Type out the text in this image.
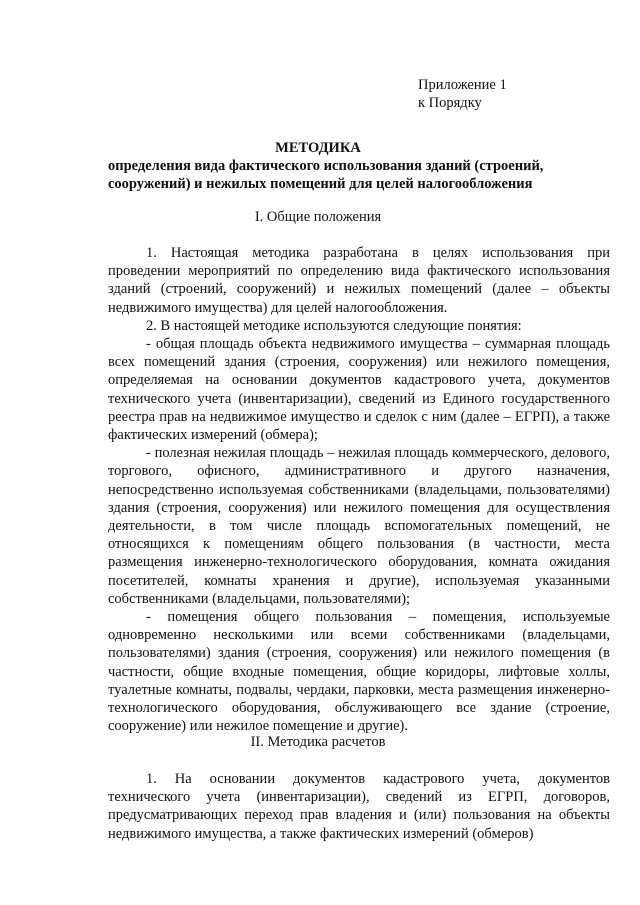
Приложение 1
к Порядку
МЕТОДИКА
определения вида фактического использования зданий (строений,
сооружений) и нежилых помещений для целей налогообложения
I. Общие положения

1. Настоящая методика разработана в целях использования при проведении мероприятий по определению вида фактического использования зданий (строений, сооружений) и нежилых помещений (далее – объекты недвижимого имущества) для целей налогообложения.

2. В настоящей методике используются следующие понятия:

- общая площадь объекта недвижимого имущества – суммарная площадь всех помещений здания (строения, сооружения) или нежилого помещения, определяемая на основании документов кадастрового учета, документов технического учета (инвентаризации), сведений из Единого государственного реестра прав на недвижимое имущество и сделок с ним (далее – ЕГРП), а также фактических измерений (обмера);

- полезная нежилая площадь – нежилая площадь коммерческого, делового, торгового, офисного, административного и другого назначения, непосредственно используемая собственниками (владельцами, пользователями) здания (строения, сооружения) или нежилого помещения для осуществления деятельности, в том числе площадь вспомогательных помещений, не относящихся к помещениям общего пользования (в частности, места размещения инженерно-технологического оборудования, комната ожидания посетителей, комнаты хранения и другие), используемая указанными собственниками (владельцами, пользователями);

- помещения общего пользования – помещения, используемые одновременно несколькими или всеми собственниками (владельцами, пользователями) здания (строения, сооружения) или нежилого помещения (в частности, общие входные помещения, общие коридоры, лифтовые холлы, туалетные комнаты, подвалы, чердаки, парковки, места размещения инженерно-технологического оборудования, обслуживающего все здание (строение, сооружение) или нежилое помещение и другие).

II. Методика расчетов

1. На основании документов кадастрового учета, документов технического учета (инвентаризации), сведений из ЕГРП, договоров, предусматривающих переход прав владения и (или) пользования на объекты недвижимого имущества, а также фактических измерений (обмеров)
